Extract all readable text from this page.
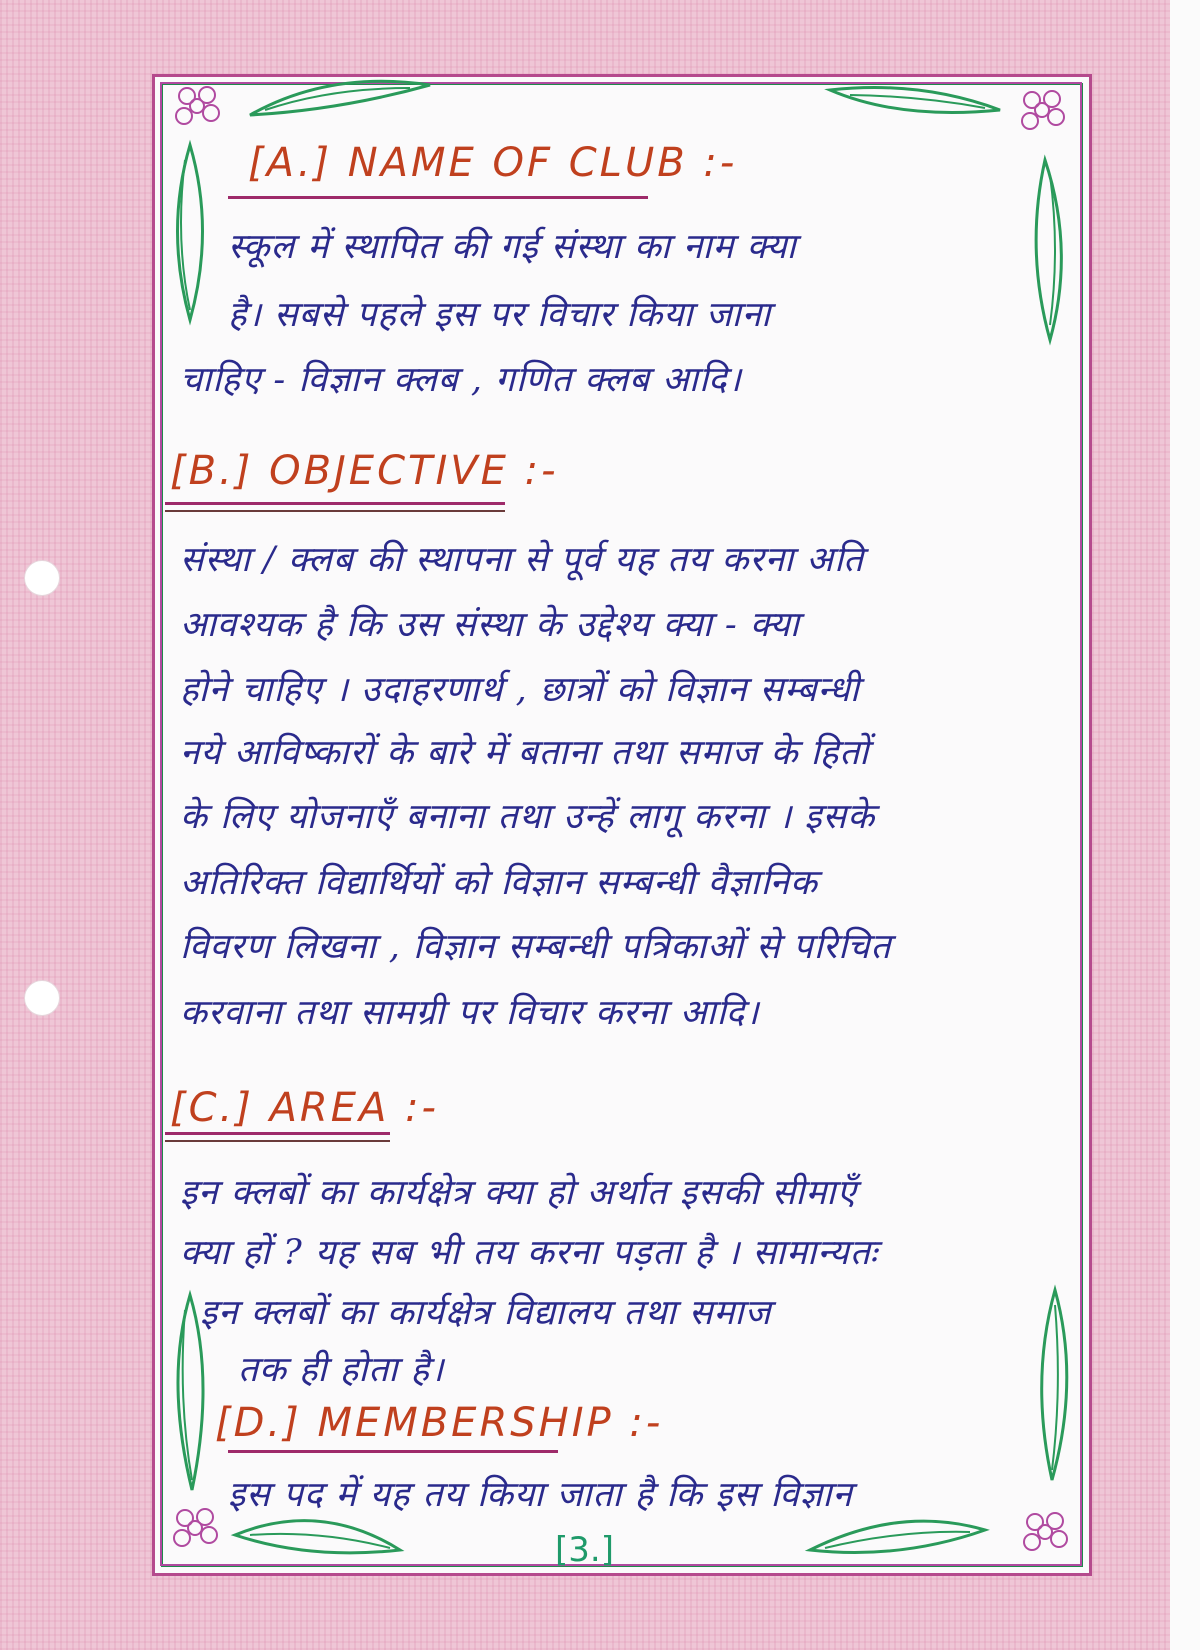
[A.] NAME OF CLUB :-
स्कूल में स्थापित की गई संस्था का नाम क्या
है। सबसे पहले इस पर विचार किया जाना
चाहिए - विज्ञान क्लब , गणित क्लब आदि।
[B.] OBJECTIVE :-
संस्था / क्लब की स्थापना से पूर्व यह तय करना अति
आवश्यक है कि उस संस्था के उद्देश्य क्या - क्या
होने चाहिए । उदाहरणार्थ , छात्रों को विज्ञान सम्बन्धी
नये आविष्कारों के बारे में बताना तथा समाज के हितों
के लिए योजनाएँ बनाना तथा उन्हें लागू करना । इसके
अतिरिक्त विद्यार्थियों को विज्ञान सम्बन्धी वैज्ञानिक
विवरण लिखना , विज्ञान सम्बन्धी पत्रिकाओं से परिचित
करवाना तथा सामग्री पर विचार करना आदि।
[C.] AREA :-
इन क्लबों का कार्यक्षेत्र क्या हो अर्थात इसकी सीमाएँ
क्या हों ? यह सब भी तय करना पड़ता है । सामान्यतः
इन क्लबों का कार्यक्षेत्र विद्यालय तथा समाज
तक ही होता है।
[D.] MEMBERSHIP :-
इस पद में यह तय किया जाता है कि इस विज्ञान
[3.]
